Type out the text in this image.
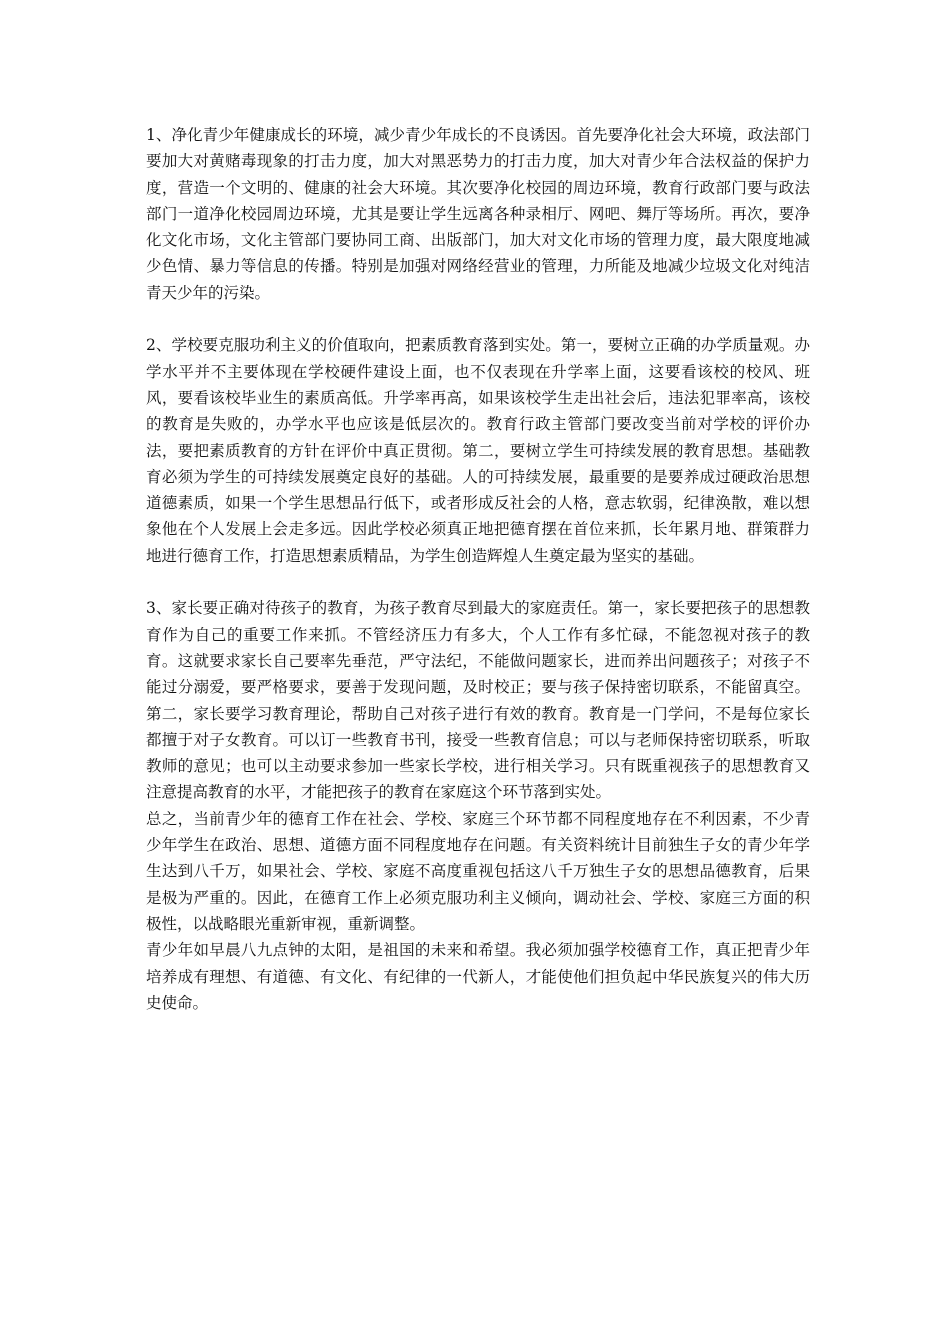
1、净化青少年健康成长的环境，减少青少年成长的不良诱因。首先要净化社会大环境，政法部门要加大对黄赌毒现象的打击力度，加大对黑恶势力的打击力度，加大对青少年合法权益的保护力度，营造一个文明的、健康的社会大环境。其次要净化校园的周边环境，教育行政部门要与政法部门一道净化校园周边环境，尤其是要让学生远离各种录相厅、网吧、舞厅等场所。再次，要净化文化市场，文化主管部门要协同工商、出版部门，加大对文化市场的管理力度，最大限度地减少色情、暴力等信息的传播。特别是加强对网络经营业的管理，力所能及地减少垃圾文化对纯洁青天少年的污染。

2、学校要克服功利主义的价值取向，把素质教育落到实处。第一，要树立正确的办学质量观。办学水平并不主要体现在学校硬件建设上面，也不仅表现在升学率上面，这要看该校的校风、班风，要看该校毕业生的素质高低。升学率再高，如果该校学生走出社会后，违法犯罪率高，该校的教育是失败的，办学水平也应该是低层次的。教育行政主管部门要改变当前对学校的评价办法，要把素质教育的方针在评价中真正贯彻。第二，要树立学生可持续发展的教育思想。基础教育必须为学生的可持续发展奠定良好的基础。人的可持续发展，最重要的是要养成过硬政治思想道德素质，如果一个学生思想品行低下，或者形成反社会的人格，意志软弱，纪律涣散，难以想象他在个人发展上会走多远。因此学校必须真正地把德育摆在首位来抓，长年累月地、群策群力地进行德育工作，打造思想素质精品，为学生创造辉煌人生奠定最为坚实的基础。

3、家长要正确对待孩子的教育，为孩子教育尽到最大的家庭责任。第一，家长要把孩子的思想教育作为自己的重要工作来抓。不管经济压力有多大，个人工作有多忙碌，不能忽视对孩子的教育。这就要求家长自己要率先垂范，严守法纪，不能做问题家长，进而养出问题孩子；对孩子不能过分溺爱，要严格要求，要善于发现问题，及时校正；要与孩子保持密切联系，不能留真空。第二，家长要学习教育理论，帮助自己对孩子进行有效的教育。教育是一门学问，不是每位家长都擅于对子女教育。可以订一些教育书刊，接受一些教育信息；可以与老师保持密切联系，听取教师的意见；也可以主动要求参加一些家长学校，进行相关学习。只有既重视孩子的思想教育又注意提高教育的水平，才能把孩子的教育在家庭这个环节落到实处。

总之，当前青少年的德育工作在社会、学校、家庭三个环节都不同程度地存在不利因素，不少青少年学生在政治、思想、道德方面不同程度地存在问题。有关资料统计目前独生子女的青少年学生达到八千万，如果社会、学校、家庭不高度重视包括这八千万独生子女的思想品德教育，后果是极为严重的。因此，在德育工作上必须克服功利主义倾向，调动社会、学校、家庭三方面的积极性，以战略眼光重新审视，重新调整。

青少年如早晨八九点钟的太阳，是祖国的未来和希望。我必须加强学校德育工作，真正把青少年培养成有理想、有道德、有文化、有纪律的一代新人，才能使他们担负起中华民族复兴的伟大历史使命。
